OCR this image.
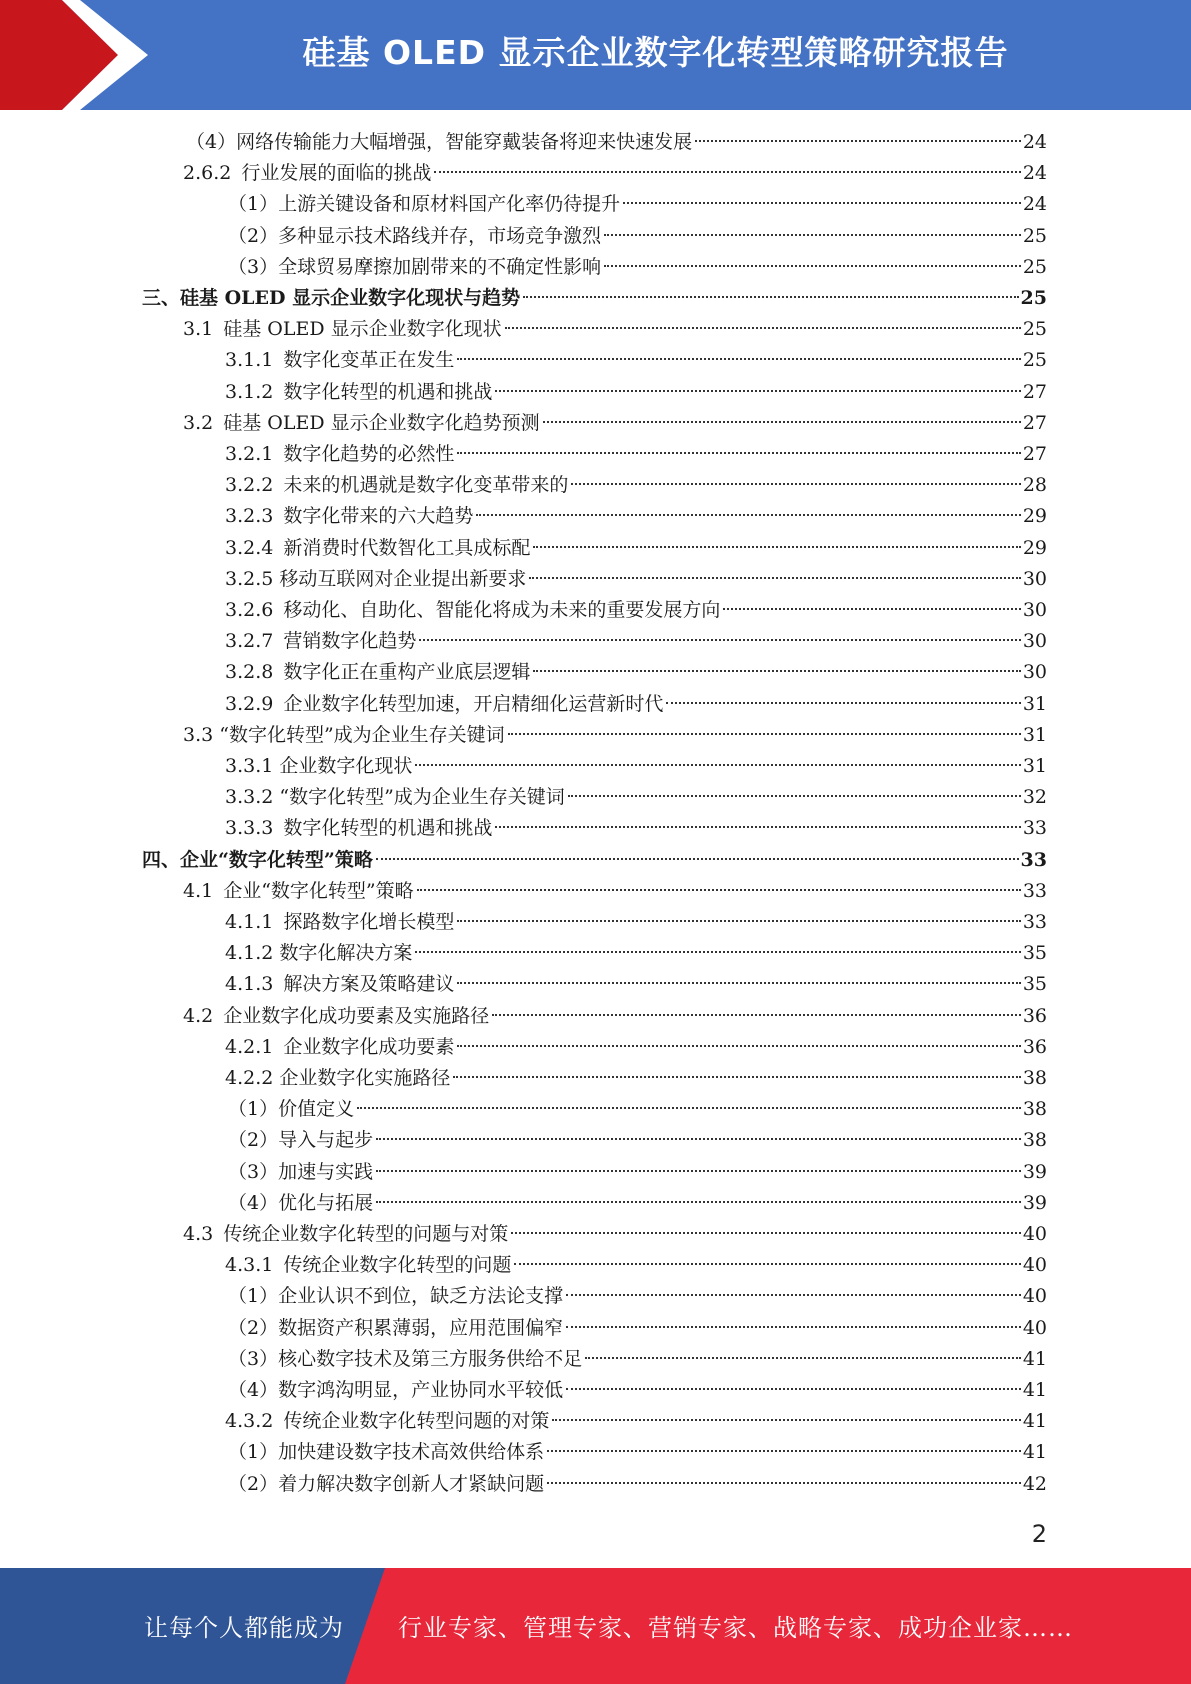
硅基 OLED 显示企业数字化转型策略研究报告
（4）网络传输能力大幅增强，智能穿戴装备将迎来快速发展	24
2.6.2 行业发展的面临的挑战	24
（1）上游关键设备和原材料国产化率仍待提升	24
（2）多种显示技术路线并存，市场竞争激烈	25
（3）全球贸易摩擦加剧带来的不确定性影响	25
三、硅基 OLED 显示企业数字化现状与趋势	25
3.1 硅基 OLED 显示企业数字化现状	25
3.1.1 数字化变革正在发生	25
3.1.2 数字化转型的机遇和挑战	27
3.2 硅基 OLED 显示企业数字化趋势预测	27
3.2.1 数字化趋势的必然性	27
3.2.2 未来的机遇就是数字化变革带来的	28
3.2.3 数字化带来的六大趋势	29
3.2.4 新消费时代数智化工具成标配	29
3.2.5 移动互联网对企业提出新要求	30
3.2.6 移动化、自助化、智能化将成为未来的重要发展方向	30
3.2.7 营销数字化趋势	30
3.2.8 数字化正在重构产业底层逻辑	30
3.2.9 企业数字化转型加速，开启精细化运营新时代	31
3.3 “数字化转型”成为企业生存关键词	31
3.3.1 企业数字化现状	31
3.3.2 “数字化转型”成为企业生存关键词	32
3.3.3 数字化转型的机遇和挑战	33
四、企业“数字化转型”策略	33
4.1 企业“数字化转型”策略	33
4.1.1 探路数字化增长模型	33
4.1.2 数字化解决方案	35
4.1.3 解决方案及策略建议	35
4.2 企业数字化成功要素及实施路径	36
4.2.1 企业数字化成功要素	36
4.2.2 企业数字化实施路径	38
（1）价值定义	38
（2）导入与起步	38
（3）加速与实践	39
（4）优化与拓展	39
4.3 传统企业数字化转型的问题与对策	40
4.3.1 传统企业数字化转型的问题	40
（1）企业认识不到位，缺乏方法论支撑	40
（2）数据资产积累薄弱，应用范围偏窄	40
（3）核心数字技术及第三方服务供给不足	41
（4）数字鸿沟明显，产业协同水平较低	41
4.3.2 传统企业数字化转型问题的对策	41
（1）加快建设数字技术高效供给体系	41
（2）着力解决数字创新人才紧缺问题	42
2
让每个人都能成为 行业专家、管理专家、营销专家、战略专家、成功企业家……
